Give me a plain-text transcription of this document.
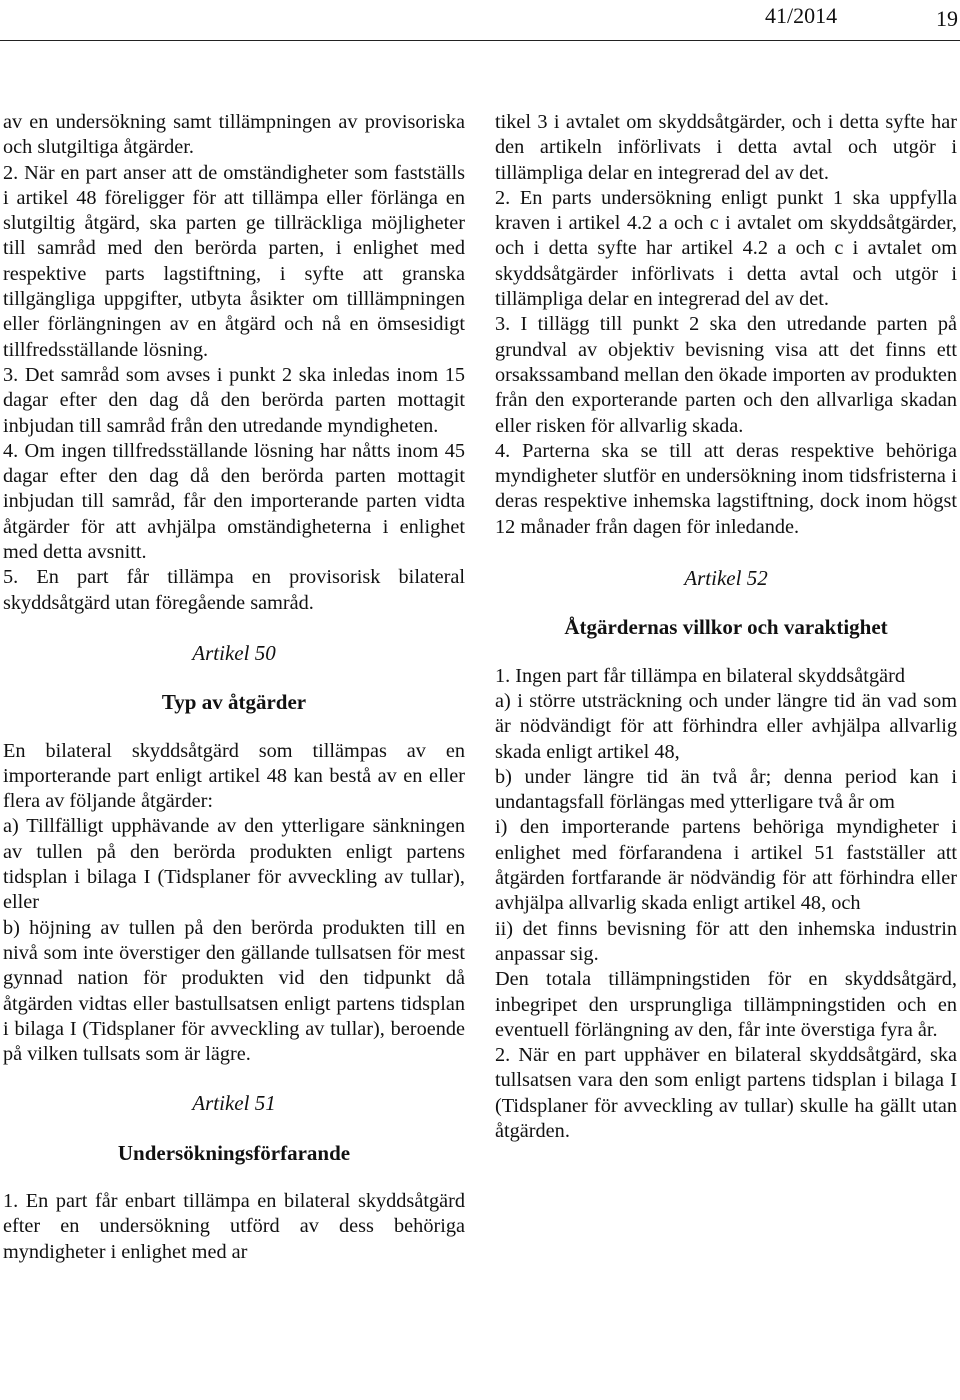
41/2014	19

av en undersökning samt tillämpningen av provisoriska och slutgiltiga åtgärder.

2. När en part anser att de omständigheter som fastställs i artikel 48 föreligger för att tillämpa eller förlänga en slutgiltig åtgärd, ska parten ge tillräckliga möjligheter till samråd med den berörda parten, i enlighet med respektive parts lagstiftning, i syfte att granska tillgängliga uppgifter, utbyta åsikter om tilllämpningen eller förlängningen av en åtgärd och nå en ömsesidigt tillfredsställande lösning.

3. Det samråd som avses i punkt 2 ska inledas inom 15 dagar efter den dag då den berörda parten mottagit inbjudan till samråd från den utredande myndigheten.

4. Om ingen tillfredsställande lösning har nåtts inom 45 dagar efter den dag då den berörda parten mottagit inbjudan till samråd, får den importerande parten vidta åtgärder för att avhjälpa omständigheterna i enlighet med detta avsnitt.

5. En part får tillämpa en provisorisk bilateral skyddsåtgärd utan föregående samråd.

Artikel 50

Typ av åtgärder

En bilateral skyddsåtgärd som tillämpas av en importerande part enligt artikel 48 kan bestå av en eller flera av följande åtgärder:

a) Tillfälligt upphävande av den ytterligare sänkningen av tullen på den berörda produkten enligt partens tidsplan i bilaga I (Tidsplaner för avveckling av tullar), eller

b) höjning av tullen på den berörda produkten till en nivå som inte överstiger den gällande tullsatsen för mest gynnad nation för produkten vid den tidpunkt då åtgärden vidtas eller bastullsatsen enligt partens tidsplan i bilaga I (Tidsplaner för avveckling av tullar), beroende på vilken tullsats som är lägre.

Artikel 51

Undersökningsförfarande

1. En part får enbart tillämpa en bilateral skyddsåtgärd efter en undersökning utförd av dess behöriga myndigheter i enlighet med ar

tikel 3 i avtalet om skyddsåtgärder, och i detta syfte har den artikeln införlivats i detta avtal och utgör i tillämpliga delar en integrerad del av det.

2. En parts undersökning enligt punkt 1 ska uppfylla kraven i artikel 4.2 a och c i avtalet om skyddsåtgärder, och i detta syfte har artikel 4.2 a och c i avtalet om skyddsåtgärder införlivats i detta avtal och utgör i tillämpliga delar en integrerad del av det.

3. I tillägg till punkt 2 ska den utredande parten på grundval av objektiv bevisning visa att det finns ett orsakssamband mellan den ökade importen av produkten från den exporterande parten och den allvarliga skadan eller risken för allvarlig skada.

4. Parterna ska se till att deras respektive behöriga myndigheter slutför en undersökning inom tidsfristerna i deras respektive inhemska lagstiftning, dock inom högst 12 månader från dagen för inledande.

Artikel 52

Åtgärdernas villkor och varaktighet

1. Ingen part får tillämpa en bilateral skyddsåtgärd

a) i större utsträckning och under längre tid än vad som är nödvändigt för att förhindra eller avhjälpa allvarlig skada enligt artikel 48,

b) under längre tid än två år; denna period kan i undantagsfall förlängas med ytterligare två år om

i) den importerande partens behöriga myndigheter i enlighet med förfarandena i artikel 51 fastställer att åtgärden fortfarande är nödvändig för att förhindra eller avhjälpa allvarlig skada enligt artikel 48, och

ii) det finns bevisning för att den inhemska industrin anpassar sig.

Den totala tillämpningstiden för en skyddsåtgärd, inbegripet den ursprungliga tillämpningstiden och en eventuell förlängning av den, får inte överstiga fyra år.

2. När en part upphäver en bilateral skyddsåtgärd, ska tullsatsen vara den som enligt partens tidsplan i bilaga I (Tidsplaner för avveckling av tullar) skulle ha gällt utan åtgärden.
